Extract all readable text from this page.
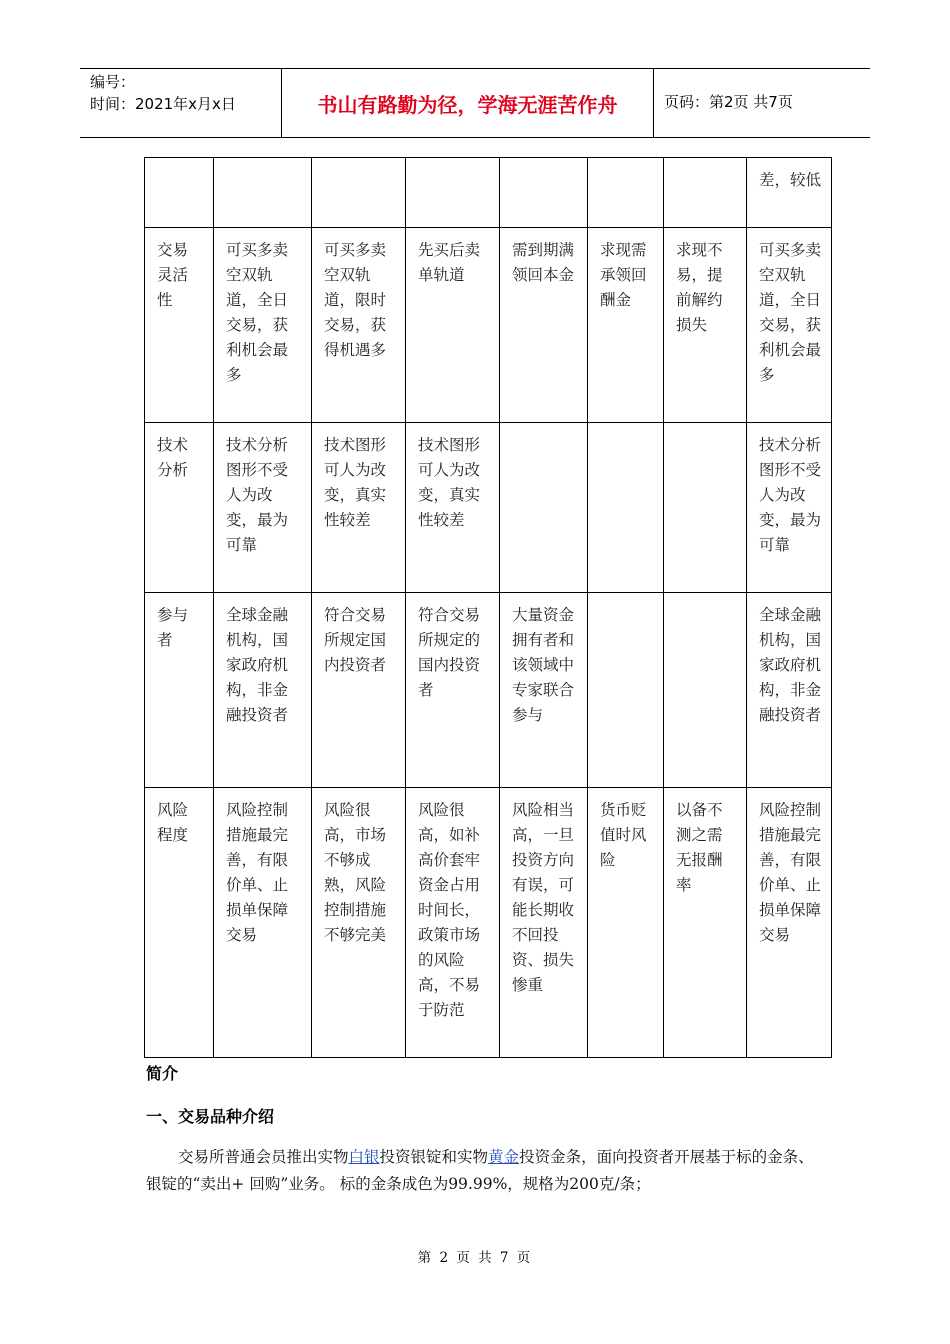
编号：
时间：2021年x月x日	书山有路勤为径，学海无涯苦作舟	页码：第2页 共7页
							差，较低
交易灵活性	可买多卖空双轨道，全日交易，获利机会最多	可买多卖空双轨道，限时交易，获得机遇多	先买后卖单轨道	需到期满领回本金	求现需承领回酬金	求现不易，提前解约损失	可买多卖空双轨道，全日交易，获利机会最多
技术分析	技术分析图形不受人为改变，最为可靠	技术图形可人为改变，真实性较差	技术图形可人为改变，真实性较差				技术分析图形不受人为改变，最为可靠
参与者	全球金融机构，国家政府机构，非金融投资者	符合交易所规定国内投资者	符合交易所规定的国内投资者	大量资金拥有者和该领域中专家联合参与			全球金融机构，国家政府机构，非金融投资者
风险程度	风险控制措施最完善，有限价单、止损单保障交易	风险很高，市场不够成熟，风险控制措施不够完美	风险很高，如补高价套牢资金占用时间长，政策市场的风险高，不易于防范	风险相当高，一旦投资方向有误，可能长期收不回投资、损失惨重	货币贬值时风险	以备不测之需无报酬率	风险控制措施最完善，有限价单、止损单保障交易
简介
一、交易品种介绍
交易所普通会员推出实物白银投资银锭和实物黄金投资金条，面向投资者开展基于标的金条、银锭的“卖出+ 回购”业务。 标的金条成色为99.99%，规格为200克/条；
第 2 页 共 7 页
